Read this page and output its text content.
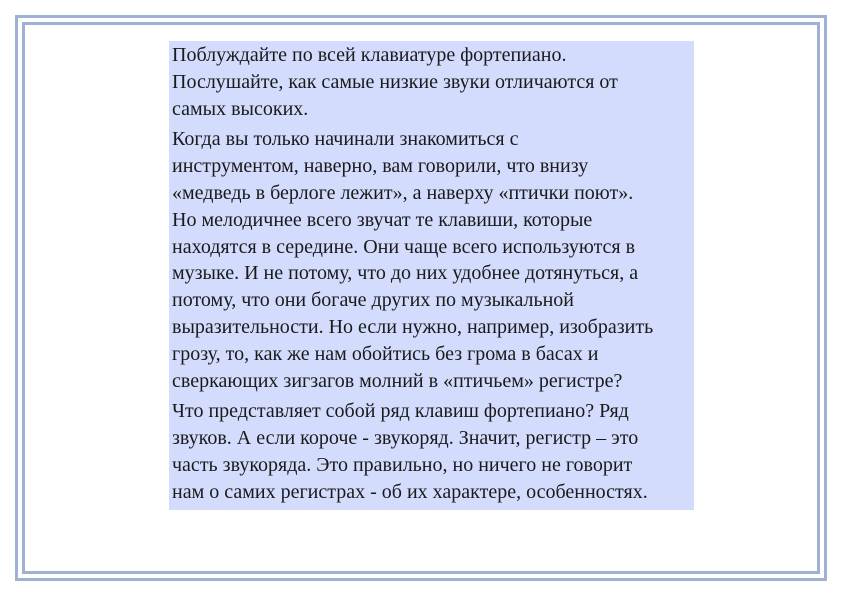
Поблуждайте по всей клавиатуре фортепиано.
Послушайте, как самые низкие звуки отличаются от
самых высоких.

Когда вы только начинали знакомиться с
инструментом, наверно, вам говорили, что внизу
«медведь в берлоге лежит», а наверху «птички поют».
Но мелодичнее всего звучат те клавиши, которые
находятся в середине. Они чаще всего используются в
музыке. И не потому, что до них удобнее дотянуться, а
потому, что они богаче других по музыкальной
выразительности. Но если нужно, например, изобразить
грозу, то, как же нам обойтись без грома в басах и
сверкающих зигзагов молний в «птичьем» регистре?

Что представляет собой ряд клавиш фортепиано? Ряд
звуков. А если короче - звукоряд. Значит, регистр – это
часть звукоряда. Это правильно, но ничего не говорит
нам о самих регистрах - об их характере, особенностях.
